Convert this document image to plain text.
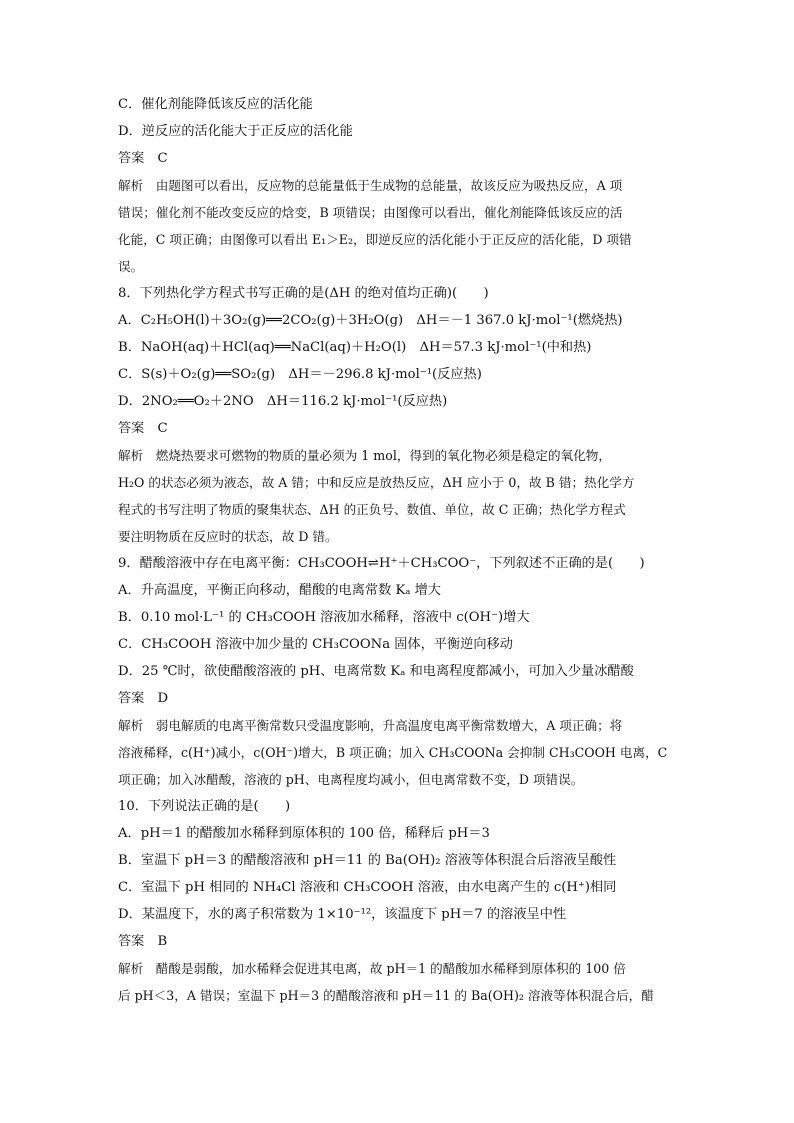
C．催化剂能降低该反应的活化能
D．逆反应的活化能大于正反应的活化能
答案　C
解析　由题图可以看出，反应物的总能量低于生成物的总能量，故该反应为吸热反应，A 项
错误；催化剂不能改变反应的焓变，B 项错误；由图像可以看出，催化剂能降低该反应的活
化能，C 项正确；由图像可以看出 E₁＞E₂，即逆反应的活化能小于正反应的活化能，D 项错
误。
8．下列热化学方程式书写正确的是(ΔH 的绝对值均正确)(　　)
A．C₂H₅OH(l)＋3O₂(g)══2CO₂(g)＋3H₂O(g)　ΔH＝－1 367.0 kJ·mol⁻¹(燃烧热)
B．NaOH(aq)＋HCl(aq)══NaCl(aq)＋H₂O(l)　ΔH＝57.3 kJ·mol⁻¹(中和热)
C．S(s)＋O₂(g)══SO₂(g)　ΔH＝－296.8 kJ·mol⁻¹(反应热)
D．2NO₂══O₂＋2NO　ΔH＝116.2 kJ·mol⁻¹(反应热)
答案　C
解析　燃烧热要求可燃物的物质的量必须为 1 mol，得到的氧化物必须是稳定的氧化物，
H₂O 的状态必须为液态，故 A 错；中和反应是放热反应，ΔH 应小于 0，故 B 错；热化学方
程式的书写注明了物质的聚集状态、ΔH 的正负号、数值、单位，故 C 正确；热化学方程式
要注明物质在反应时的状态，故 D 错。
9．醋酸溶液中存在电离平衡：CH₃COOH⇌H⁺＋CH₃COO⁻，下列叙述不正确的是(　　)
A．升高温度，平衡正向移动，醋酸的电离常数 Kₐ 增大
B．0.10 mol·L⁻¹ 的 CH₃COOH 溶液加水稀释，溶液中 c(OH⁻)增大
C．CH₃COOH 溶液中加少量的 CH₃COONa 固体，平衡逆向移动
D．25 ℃时，欲使醋酸溶液的 pH、电离常数 Kₐ 和电离程度都减小，可加入少量冰醋酸
答案　D
解析　弱电解质的电离平衡常数只受温度影响，升高温度电离平衡常数增大，A 项正确；将
溶液稀释，c(H⁺)减小，c(OH⁻)增大，B 项正确；加入 CH₃COONa 会抑制 CH₃COOH 电离，C
项正确；加入冰醋酸，溶液的 pH、电离程度均减小，但电离常数不变，D 项错误。
10．下列说法正确的是(　　)
A．pH＝1 的醋酸加水稀释到原体积的 100 倍，稀释后 pH＝3
B．室温下 pH＝3 的醋酸溶液和 pH＝11 的 Ba(OH)₂ 溶液等体积混合后溶液呈酸性
C．室温下 pH 相同的 NH₄Cl 溶液和 CH₃COOH 溶液，由水电离产生的 c(H⁺)相同
D．某温度下，水的离子积常数为 1×10⁻¹²，该温度下 pH＝7 的溶液呈中性
答案　B
解析　醋酸是弱酸，加水稀释会促进其电离，故 pH＝1 的醋酸加水稀释到原体积的 100 倍
后 pH＜3，A 错误；室温下 pH＝3 的醋酸溶液和 pH＝11 的 Ba(OH)₂ 溶液等体积混合后，醋
